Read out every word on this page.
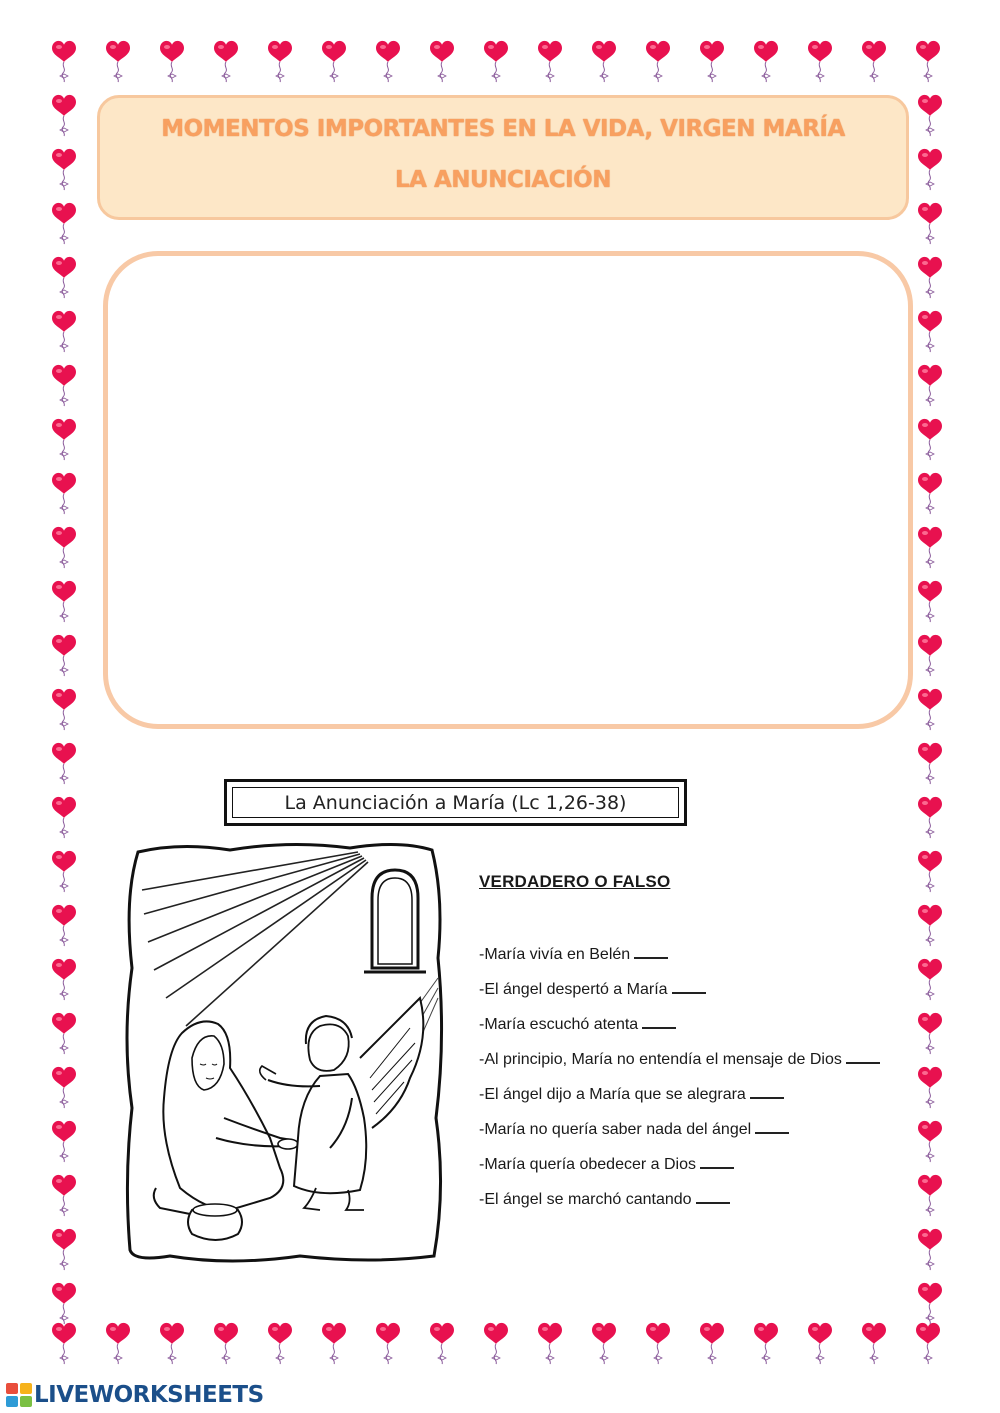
MOMENTOS IMPORTANTES EN LA VIDA, VIRGEN MARÍA
LA ANUNCIACIÓN
La Anunciación a María (Lc 1,26-38)
VERDADERO O FALSO
-María vivía en Belén
-El ángel despertó a María
-María escuchó atenta
-Al principio, María no entendía el mensaje de Dios
-El ángel dijo a María que se alegrara
-María no quería saber nada del ángel
-María quería obedecer a Dios
-El ángel se marchó cantando
LIVEWORKSHEETS
